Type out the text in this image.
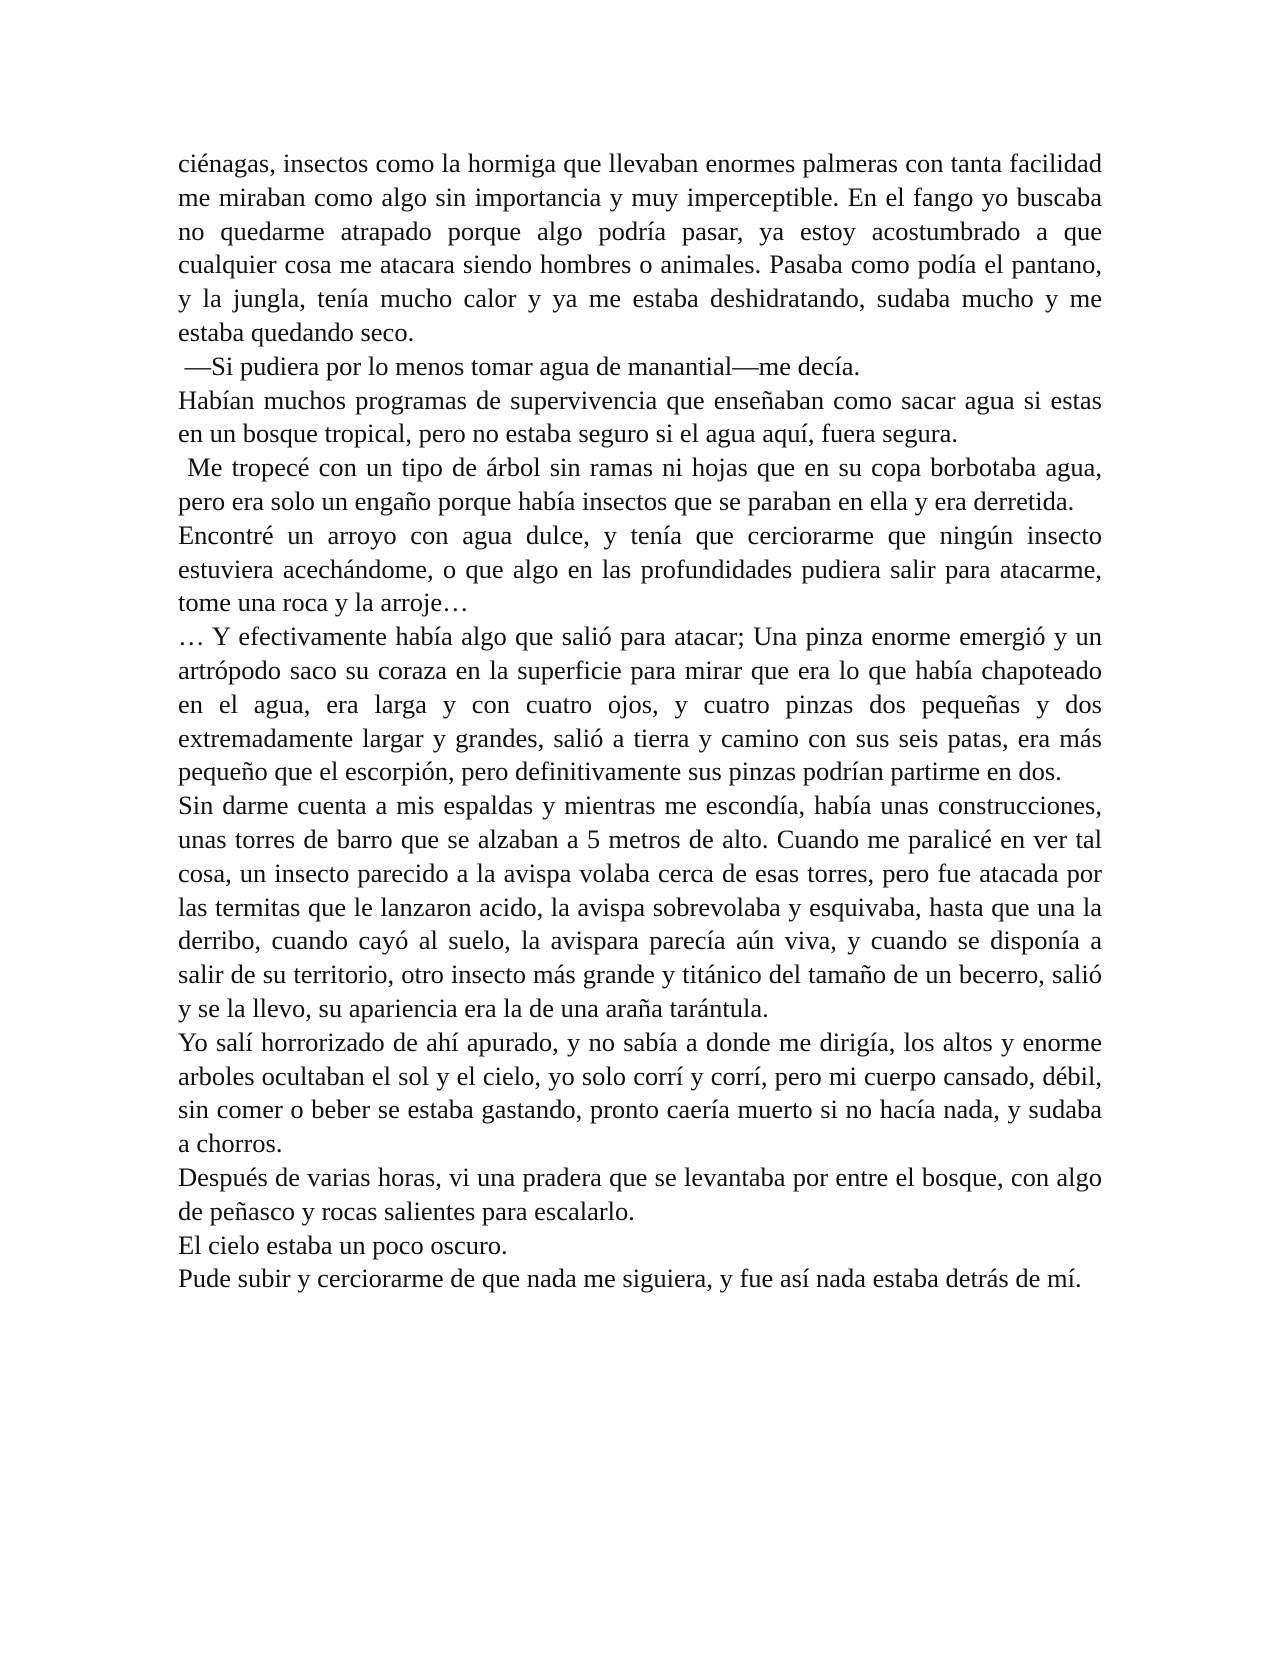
ciénagas, insectos como la hormiga que llevaban enormes palmeras con tanta facilidad me miraban como algo sin importancia y muy imperceptible. En el fango yo buscaba no quedarme atrapado porque algo podría pasar, ya estoy acostumbrado a que cualquier cosa me atacara siendo hombres o animales. Pasaba como podía el pantano, y la jungla, tenía mucho calor y ya me estaba deshidratando, sudaba mucho y me estaba quedando seco.

—Si pudiera por lo menos tomar agua de manantial—me decía.

Habían muchos programas de supervivencia que enseñaban como sacar agua si estas en un bosque tropical, pero no estaba seguro si el agua aquí, fuera segura.

Me tropecé con un tipo de árbol sin ramas ni hojas que en su copa borbotaba agua, pero era solo un engaño porque había insectos que se paraban en ella y era derretida.

Encontré un arroyo con agua dulce, y tenía que cerciorarme que ningún insecto estuviera acechándome, o que algo en las profundidades pudiera salir para atacarme, tome una roca y la arroje…

… Y efectivamente había algo que salió para atacar; Una pinza enorme emergió y un artrópodo saco su coraza en la superficie para mirar que era lo que había chapoteado en el agua, era larga y con cuatro ojos, y cuatro pinzas dos pequeñas y dos extremadamente largar y grandes, salió a tierra y camino con sus seis patas, era más pequeño que el escorpión, pero definitivamente sus pinzas podrían partirme en dos.

Sin darme cuenta a mis espaldas y mientras me escondía, había unas construcciones, unas torres de barro que se alzaban a 5 metros de alto. Cuando me paralicé en ver tal cosa, un insecto parecido a la avispa volaba cerca de esas torres, pero fue atacada por las termitas que le lanzaron acido, la avispa sobrevolaba y esquivaba, hasta que una la derribo, cuando cayó al suelo, la avispara parecía aún viva, y cuando se disponía a salir de su territorio, otro insecto más grande y titánico del tamaño de un becerro, salió y se la llevo, su apariencia era la de una araña tarántula.

Yo salí horrorizado de ahí apurado, y no sabía a donde me dirigía, los altos y enorme arboles ocultaban el sol y el cielo, yo solo corrí y corrí, pero mi cuerpo cansado, débil, sin comer o beber se estaba gastando, pronto caería muerto si no hacía nada, y sudaba a chorros.

Después de varias horas, vi una pradera que se levantaba por entre el bosque, con algo de peñasco y rocas salientes para escalarlo.

El cielo estaba un poco oscuro.

Pude subir y cerciorarme de que nada me siguiera, y fue así nada estaba detrás de mí.
